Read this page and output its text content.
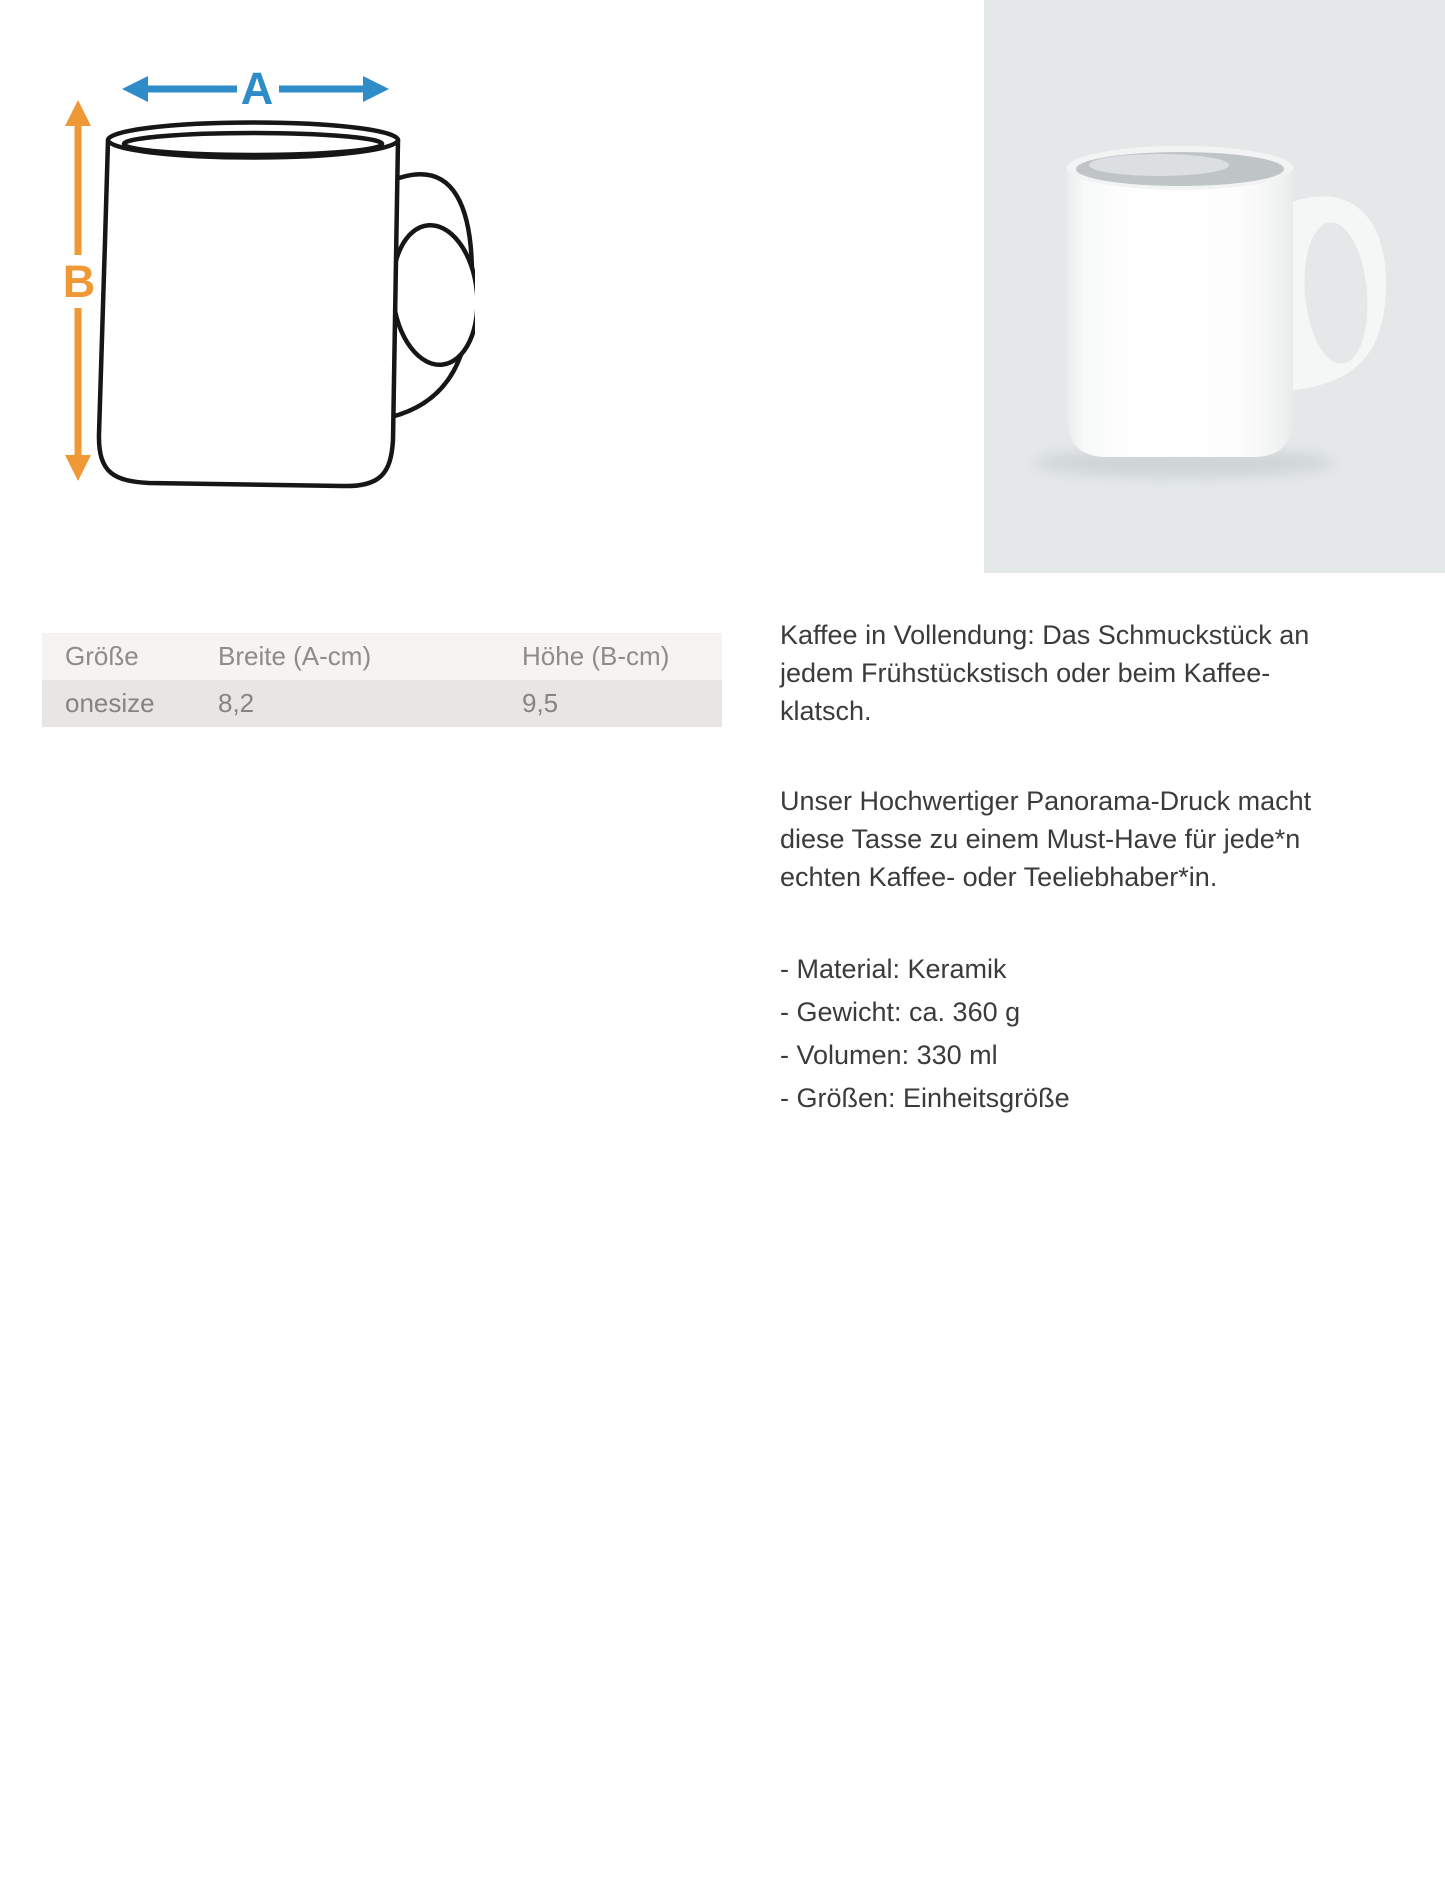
A
B
Größe	Breite (A-cm)	Höhe (B-cm)
onesize	8,2	9,5

Kaffee in Vollendung: Das Schmuckstück an jedem Frühstückstisch oder beim Kaffee-klatsch.

Unser Hochwertiger Panorama-Druck macht diese Tasse zu einem Must-Have für jede*n echten Kaffee- oder Teeliebhaber*in.

- Material: Keramik
- Gewicht: ca. 360 g
- Volumen: 330 ml
- Größen: Einheitsgröße
